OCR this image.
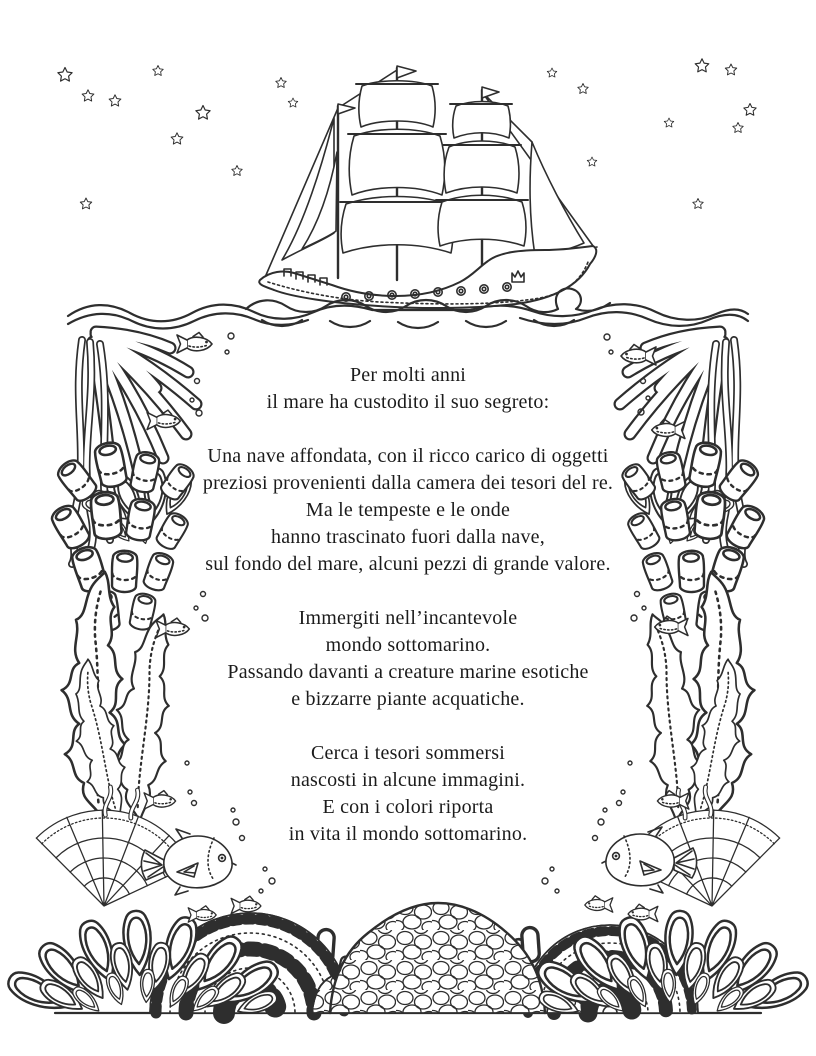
Per molti anni
il mare ha custodito il suo segreto:
Una nave affondata, con il ricco carico di oggetti
preziosi provenienti dalla camera dei tesori del re.
Ma le tempeste e le onde
hanno trascinato fuori dalla nave,
sul fondo del mare, alcuni pezzi di grande valore.
Immergiti nell’incantevole
mondo sottomarino.
Passando davanti a creature marine esotiche
e bizzarre piante acquatiche.
Cerca i tesori sommersi
nascosti in alcune immagini.
E con i colori riporta
in vita il mondo sottomarino.
